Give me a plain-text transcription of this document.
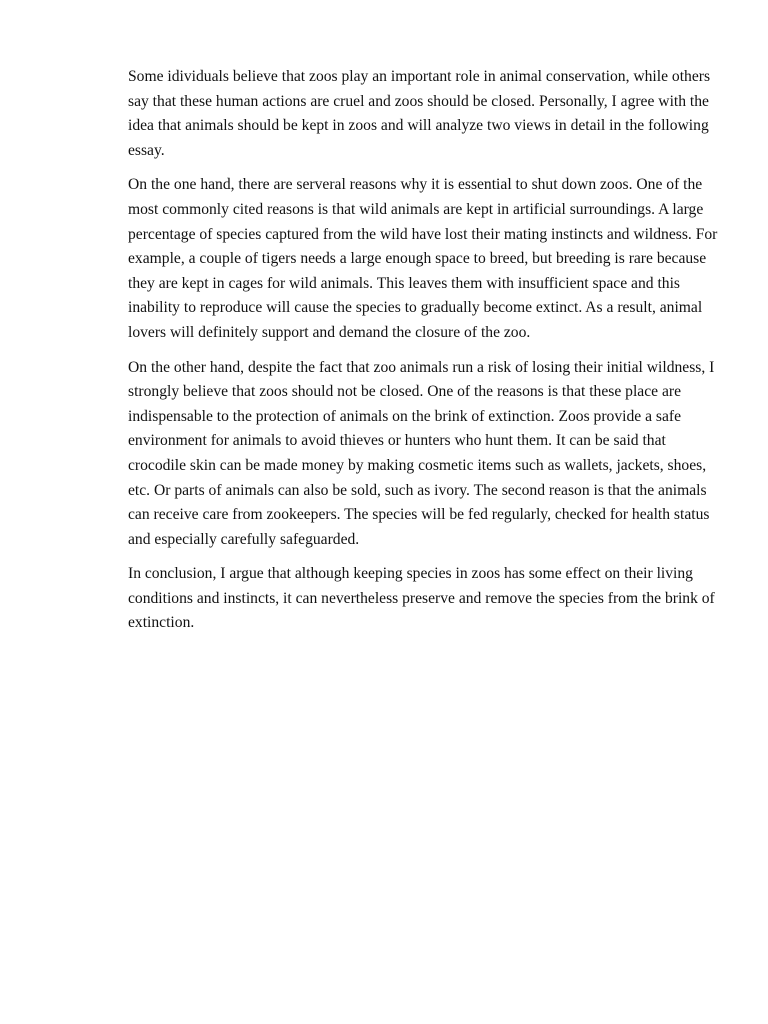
Some idividuals believe that zoos play an important role in animal conservation, while others say that these human actions are cruel and zoos should be closed. Personally, I agree with the idea that animals should be kept in zoos and will analyze two views in detail in the following essay.

On the one hand, there are serveral reasons why it is essential to shut down zoos. One of the most commonly cited reasons is that wild animals are kept in artificial surroundings. A large percentage of species captured from the wild have lost their mating instincts and wildness. For example, a couple of tigers needs a large enough space to breed, but breeding is rare because they are kept in cages for wild animals. This leaves them with insufficient space and this inability to reproduce will cause the species to gradually become extinct. As a result, animal lovers will definitely support and demand the closure of the zoo.

On the other hand, despite the fact that zoo animals run a risk of losing their initial wildness, I strongly believe that zoos should not be closed. One of the reasons is that these place are indispensable to the protection of animals on the brink of extinction. Zoos provide a safe environment for animals to avoid thieves or hunters who hunt them. It can be said that crocodile skin can be made money by making cosmetic items such as wallets, jackets, shoes, etc. Or parts of animals can also be sold, such as ivory. The second reason is that the animals can receive care from zookeepers. The species will be fed regularly, checked for health status and especially carefully safeguarded.

In conclusion, I argue that although keeping species in zoos has some effect on their living conditions and instincts, it can nevertheless preserve and remove the species from the brink of extinction.
